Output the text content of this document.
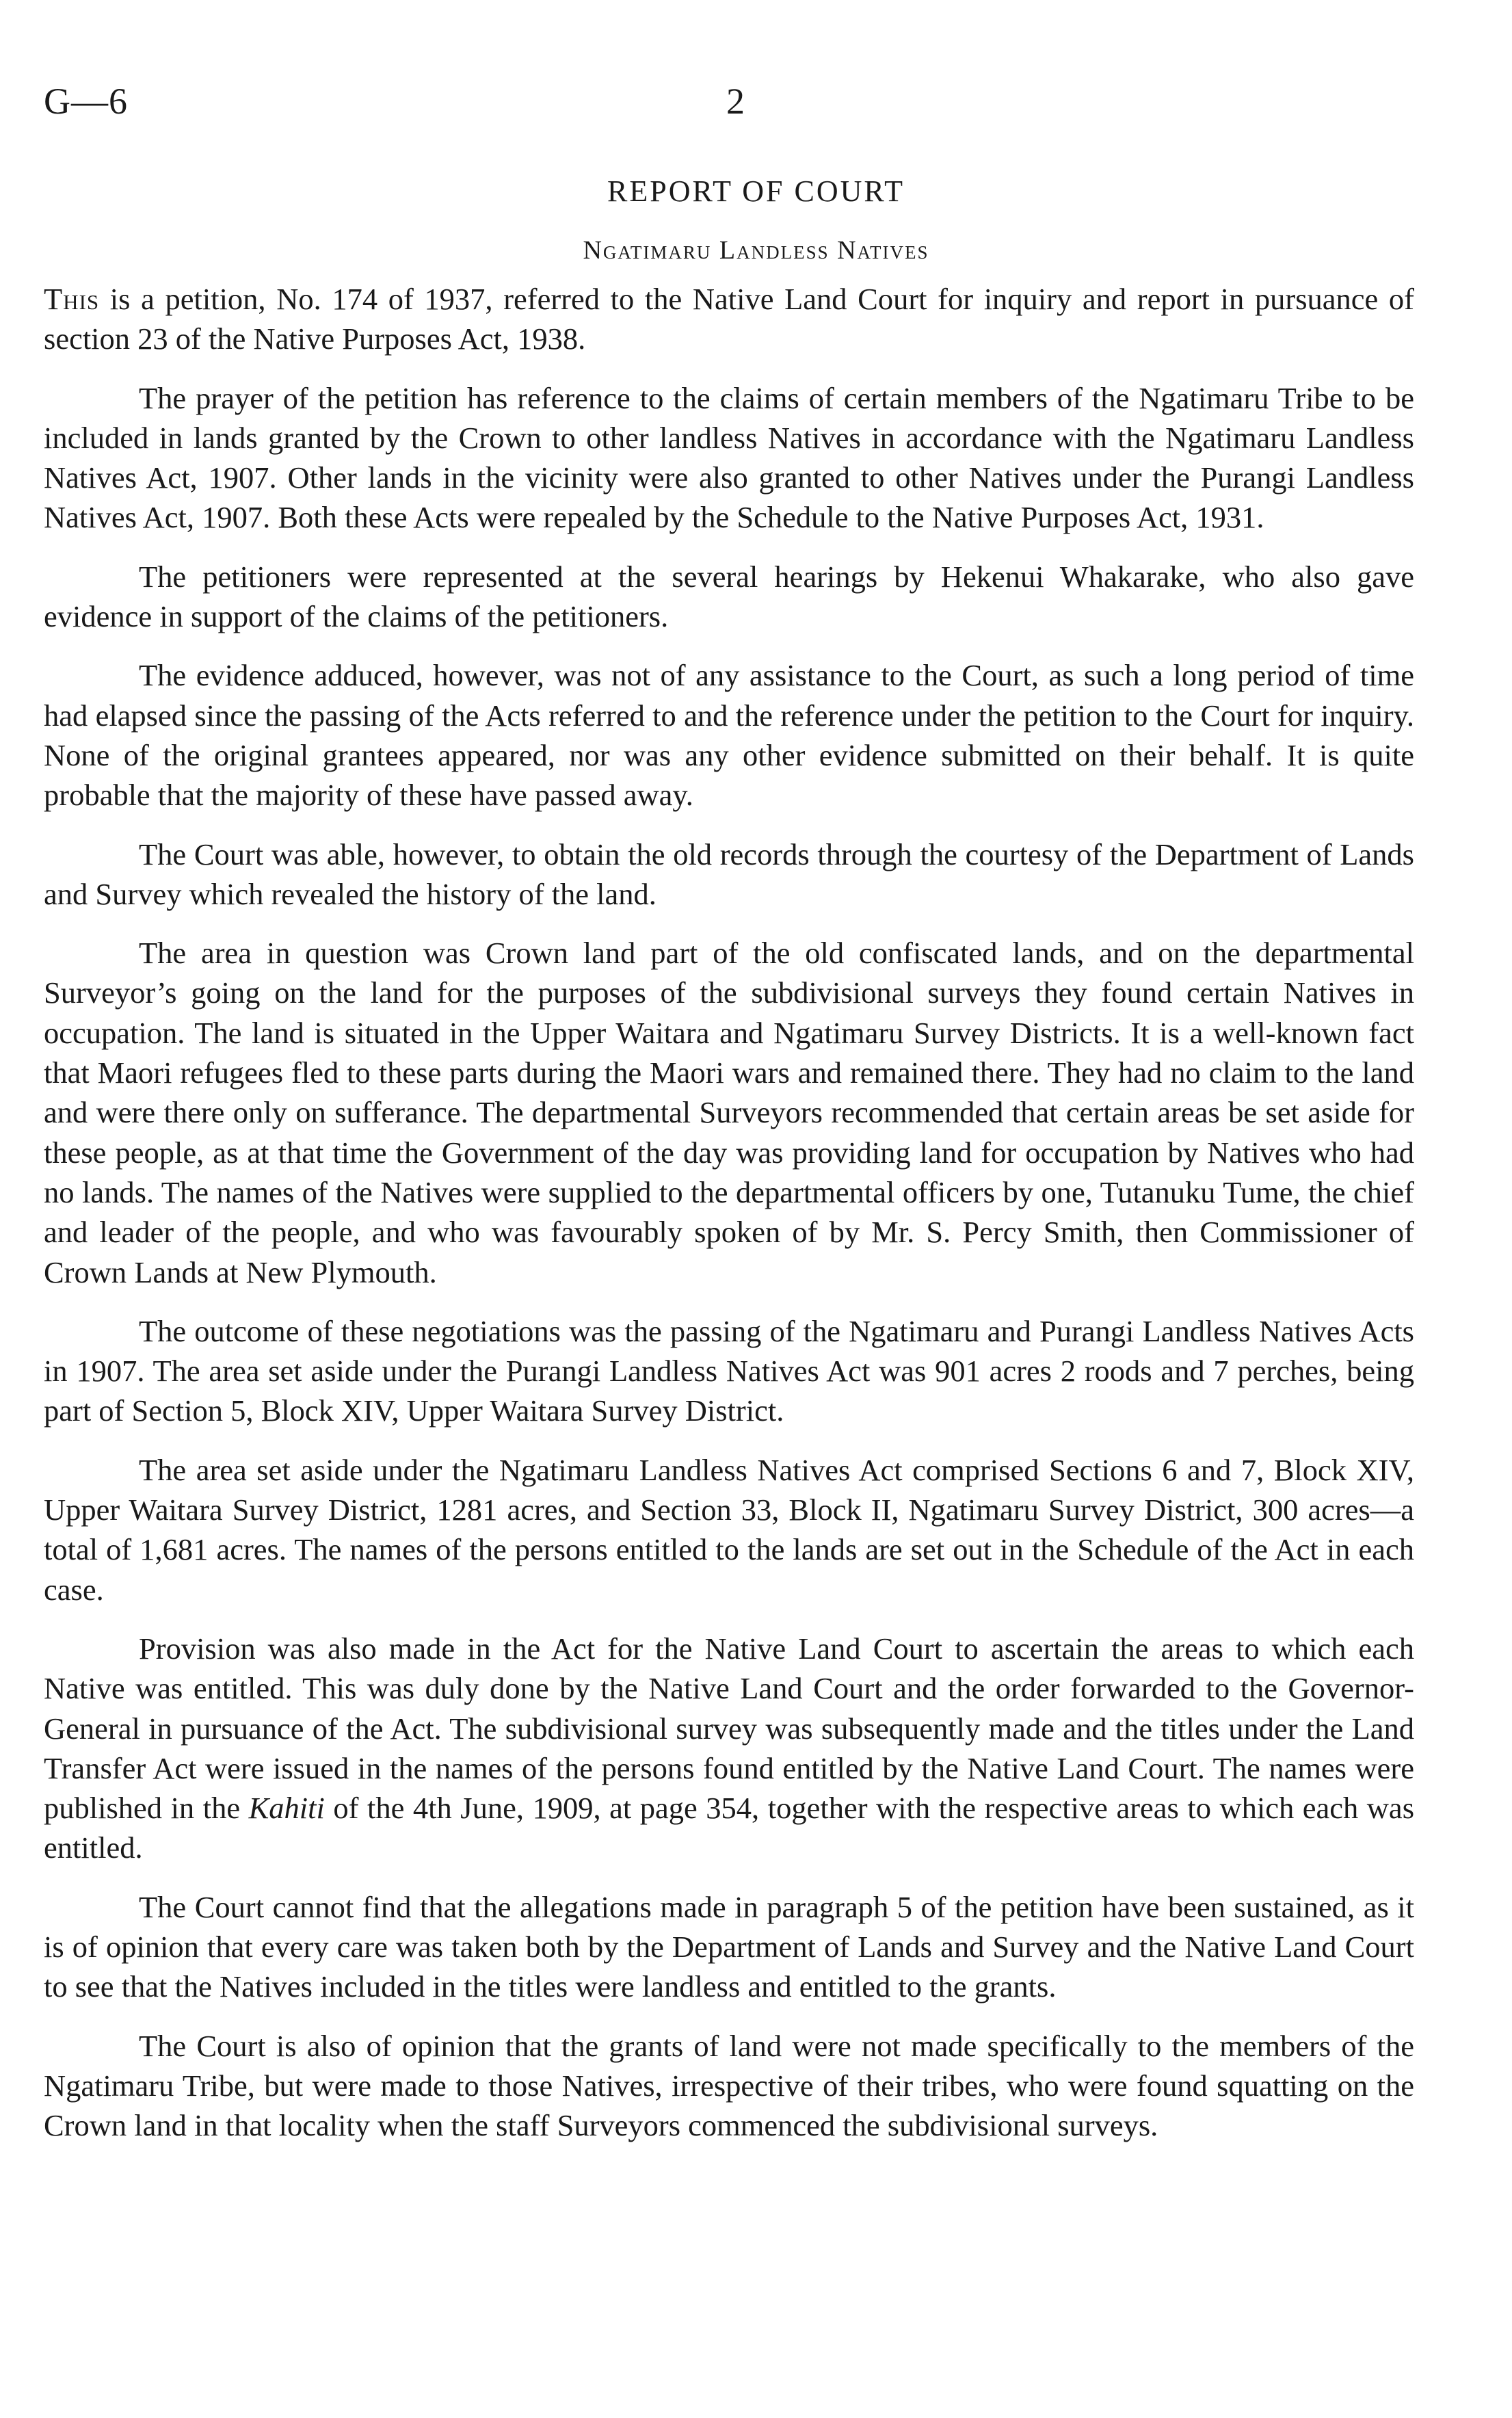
G—6	2
REPORT OF COURT
Ngatimaru Landless Natives

This is a petition, No. 174 of 1937, referred to the Native Land Court for inquiry and report in pursuance of section 23 of the Native Purposes Act, 1938.

The prayer of the petition has reference to the claims of certain members of the Ngatimaru Tribe to be included in lands granted by the Crown to other landless Natives in accordance with the Ngatimaru Landless Natives Act, 1907. Other lands in the vicinity were also granted to other Natives under the Purangi Landless Natives Act, 1907. Both these Acts were repealed by the Schedule to the Native Purposes Act, 1931.

The petitioners were represented at the several hearings by Hekenui Whakarake, who also gave evidence in support of the claims of the petitioners.

The evidence adduced, however, was not of any assistance to the Court, as such a long period of time had elapsed since the passing of the Acts referred to and the reference under the petition to the Court for inquiry. None of the original grantees appeared, nor was any other evidence submitted on their behalf. It is quite probable that the majority of these have passed away.

The Court was able, however, to obtain the old records through the courtesy of the Department of Lands and Survey which revealed the history of the land.

The area in question was Crown land part of the old confiscated lands, and on the departmental Surveyor’s going on the land for the purposes of the subdivisional surveys they found certain Natives in occupation. The land is situated in the Upper Waitara and Ngatimaru Survey Districts. It is a well-known fact that Maori refugees fled to these parts during the Maori wars and remained there. They had no claim to the land and were there only on sufferance. The departmental Surveyors recommended that certain areas be set aside for these people, as at that time the Government of the day was providing land for occupation by Natives who had no lands. The names of the Natives were supplied to the departmental officers by one, Tutanuku Tume, the chief and leader of the people, and who was favourably spoken of by Mr. S. Percy Smith, then Commissioner of Crown Lands at New Plymouth.

The outcome of these negotiations was the passing of the Ngatimaru and Purangi Landless Natives Acts in 1907. The area set aside under the Purangi Landless Natives Act was 901 acres 2 roods and 7 perches, being part of Section 5, Block XIV, Upper Waitara Survey District.

The area set aside under the Ngatimaru Landless Natives Act comprised Sections 6 and 7, Block XIV, Upper Waitara Survey District, 1281 acres, and Section 33, Block II, Ngatimaru Survey District, 300 acres—a total of 1,681 acres. The names of the persons entitled to the lands are set out in the Schedule of the Act in each case.

Provision was also made in the Act for the Native Land Court to ascertain the areas to which each Native was entitled. This was duly done by the Native Land Court and the order forwarded to the Governor-General in pursuance of the Act. The subdivisional survey was subsequently made and the titles under the Land Transfer Act were issued in the names of the persons found entitled by the Native Land Court. The names were published in the Kahiti of the 4th June, 1909, at page 354, together with the respective areas to which each was entitled.

The Court cannot find that the allegations made in paragraph 5 of the petition have been sustained, as it is of opinion that every care was taken both by the Department of Lands and Survey and the Native Land Court to see that the Natives included in the titles were landless and entitled to the grants.

The Court is also of opinion that the grants of land were not made specifically to the members of the Ngatimaru Tribe, but were made to those Natives, irrespective of their tribes, who were found squatting on the Crown land in that locality when the staff Surveyors commenced the subdivisional surveys.
